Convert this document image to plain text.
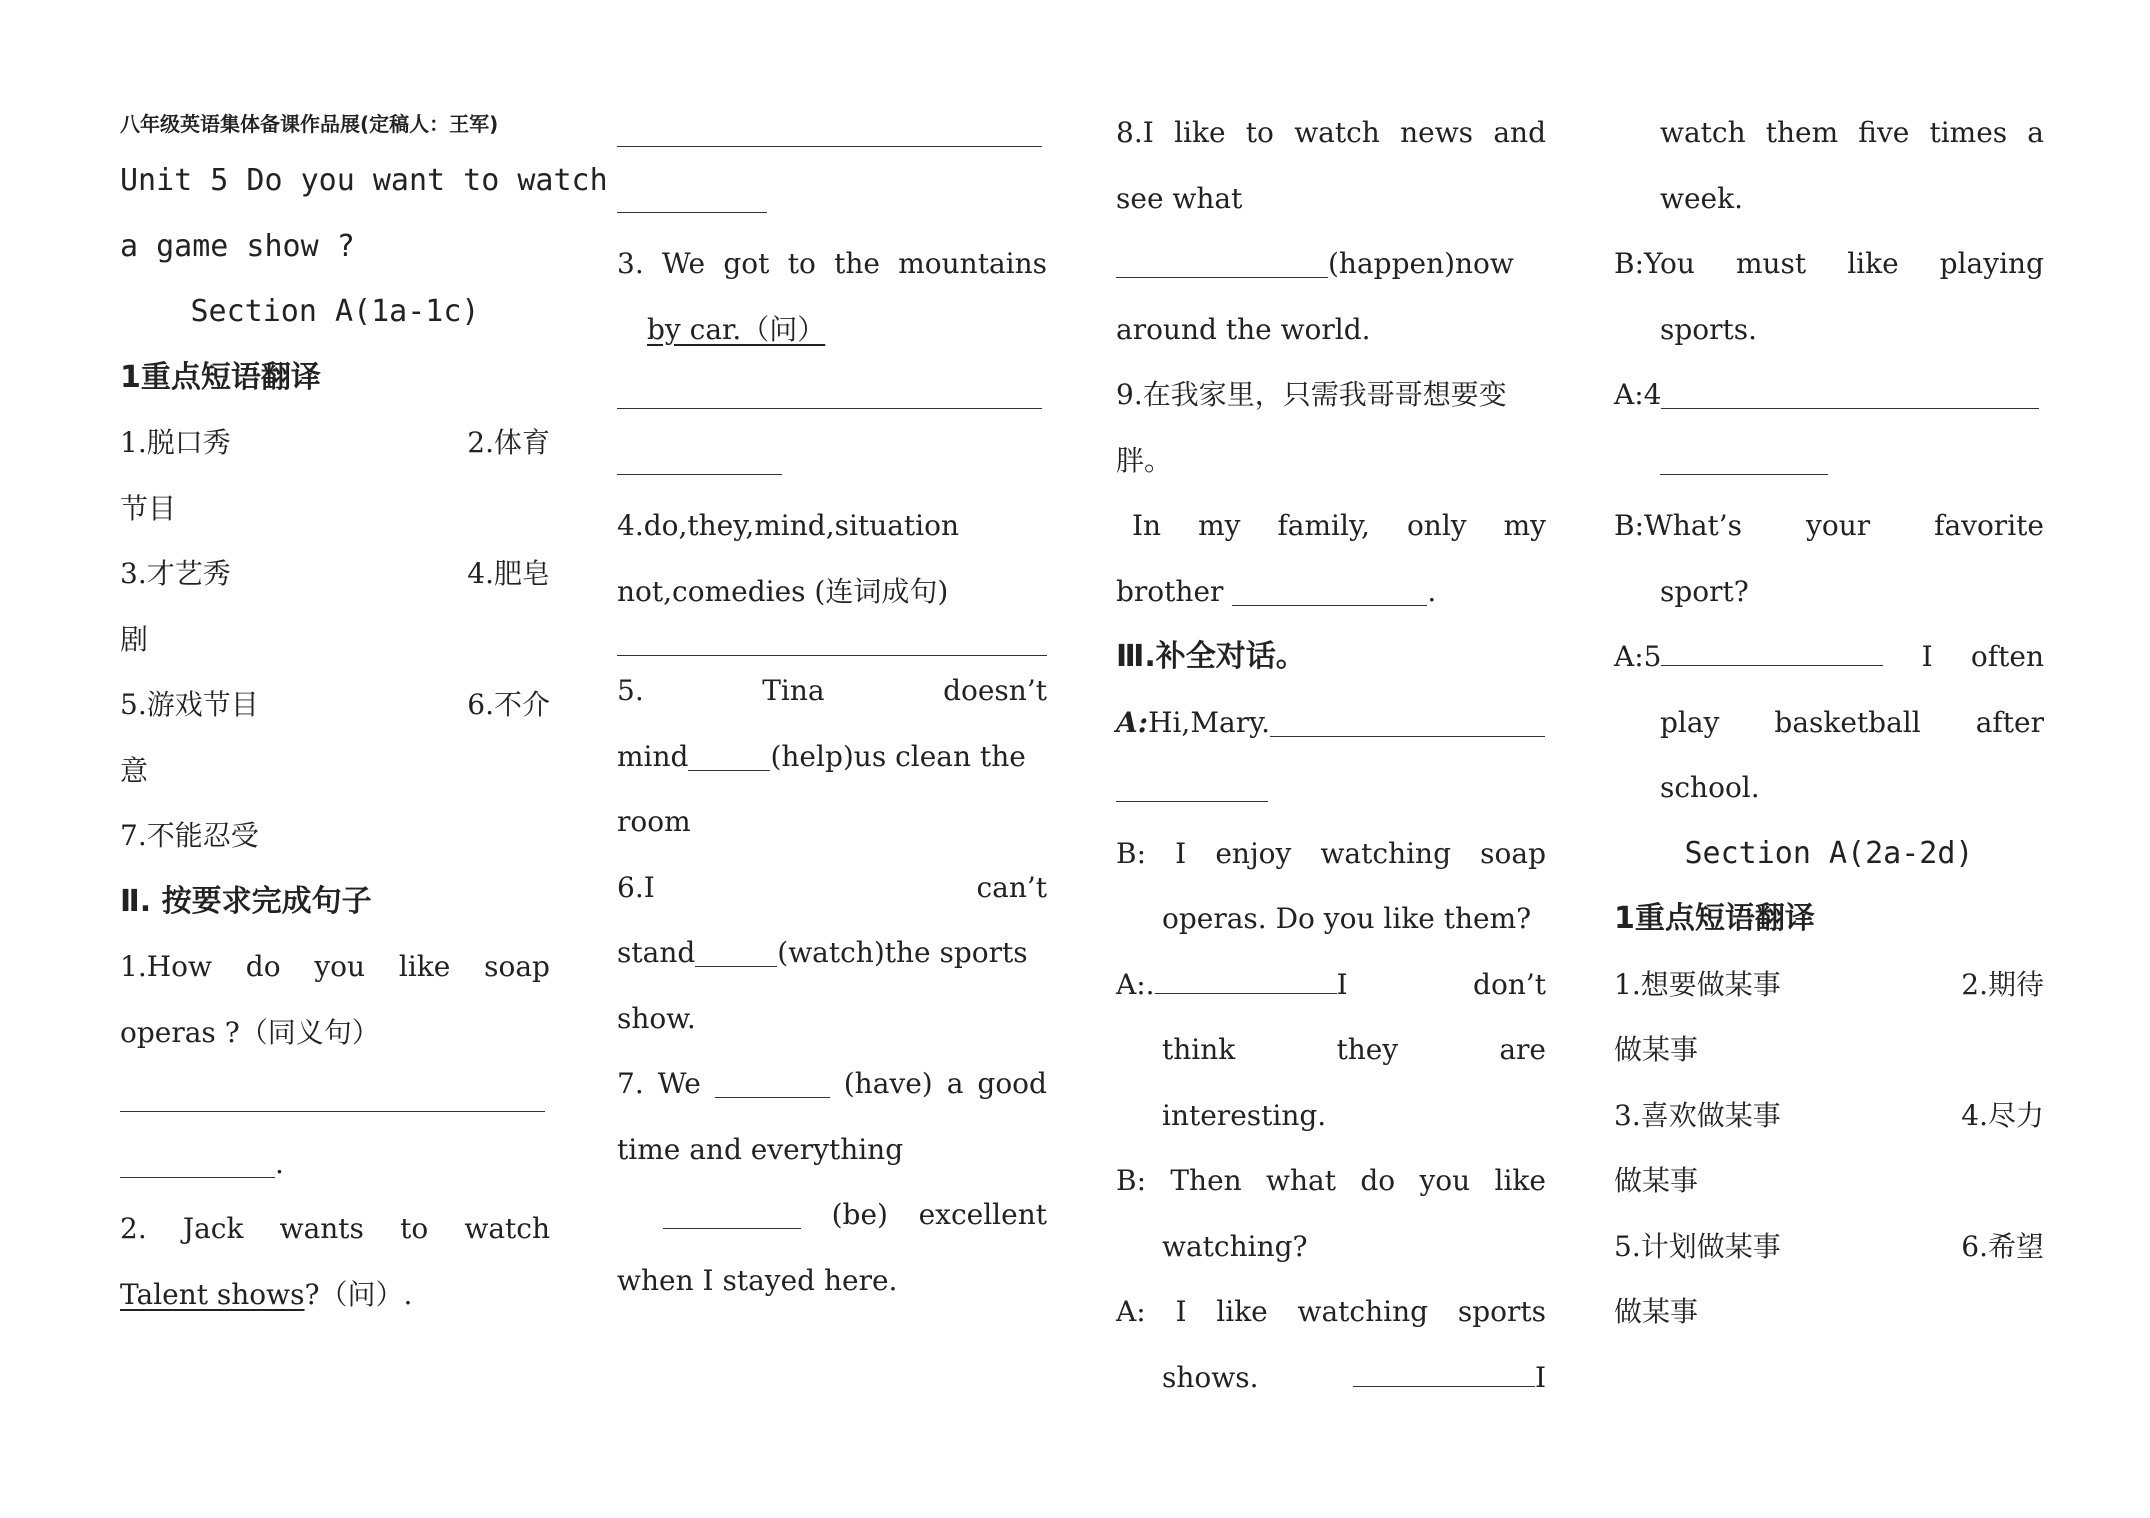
八年级英语集体备课作品展(定稿人：王军)
Unit 5 Do you want to watch
a game show ?
Section A(1a-1c)
1重点短语翻译
1.脱口秀	2.体育
节目
3.才艺秀	4.肥皂
剧
5.游戏节目	6.不介
意
7.不能忍受
Ⅱ. 按要求完成句子
1.How do you like soap
operas ?（同义句）
.
2. Jack wants to watch
Talent shows ?（问）.
3. We got to the mountains
by car.（问）
4.do,they,mind,situation
not,comedies (连词成句)
5.	Tina	doesn’t
mind	(help)us clean the
room
6.I	can’t
stand	(watch)the sports
show.
7. We	(have) a good
time and everything
(be) excellent
when I stayed here.
8.I like to watch news and
see what
(happen)now
around the world.
9.在我家里，只需我哥哥想要变
胖。
In my family, only my
brother
	.
Ⅲ.补全对话。
A: Hi,Mary.
B: I enjoy watching soap
operas. Do you like them?
A:.	I	don’t
think	they	are
interesting.
B: Then what do you like
watching?
A: I like watching sports
shows.	I
watch them five times a
week.
B:You must like playing
sports.
A:4
B:What’s your favorite
sport?
A:5	I often
play basketball after
school.
Section A(2a-2d)
1重点短语翻译
1.想要做某事	2.期待
做某事
3.喜欢做某事	4.尽力
做某事
5.计划做某事	6.希望
做某事
